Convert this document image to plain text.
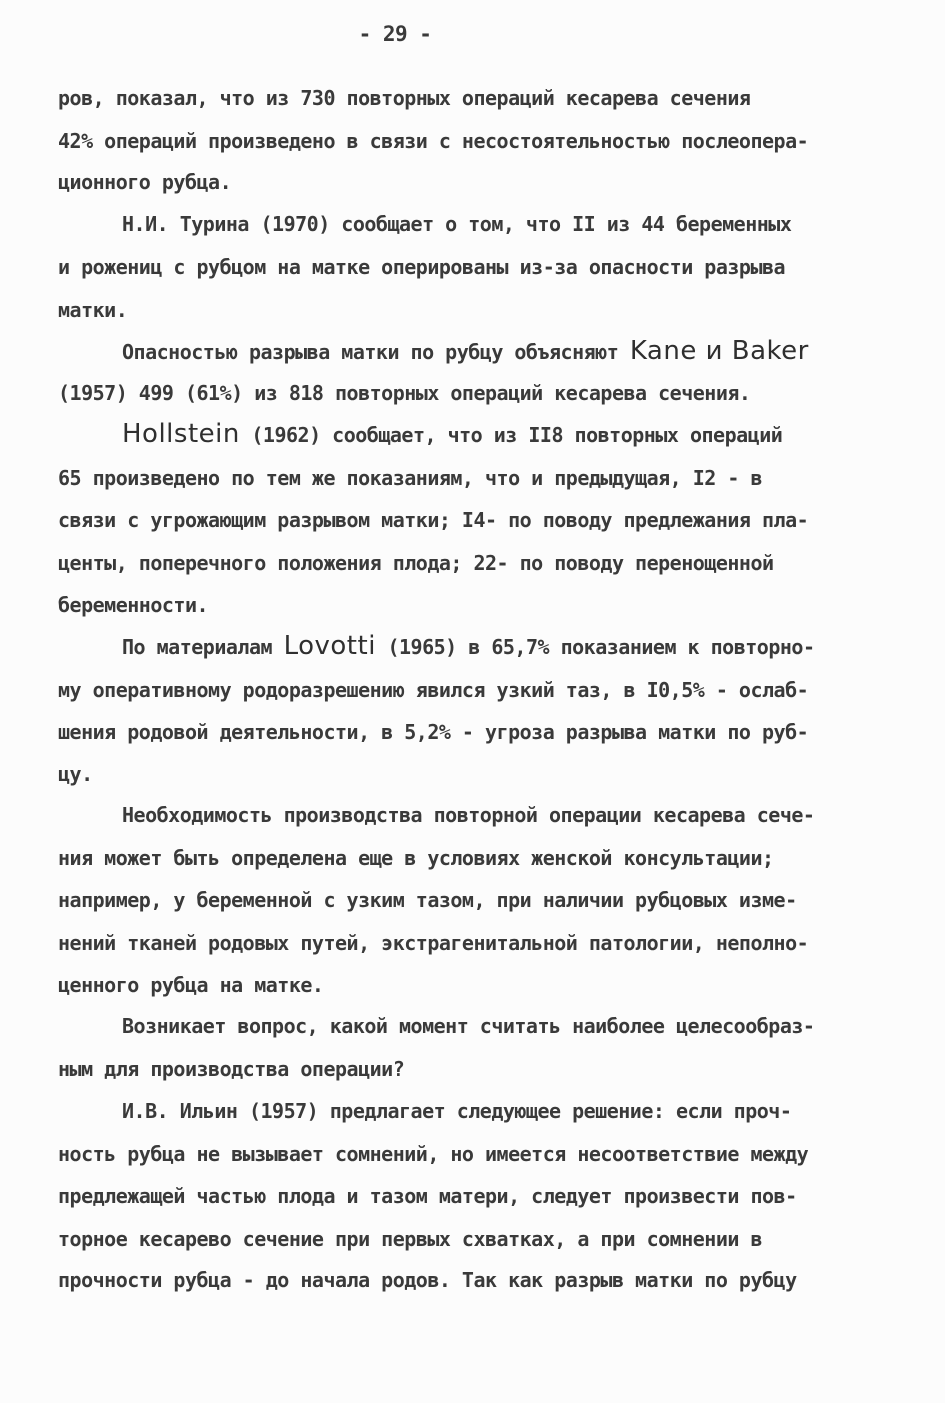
- 29 -
ров, показал, что из 730 повторных операций кесарева сечения
42% операций произведено в связи с несостоятельностью послеопера-
ционного рубца.
Н.И. Турина (1970) сообщает о том, что II из 44 беременных
и рожениц с рубцом на матке оперированы из-за опасности разрыва
матки.
Опасностью разрыва матки по рубцу объясняют Kane и Baker
(1957) 499 (61%) из 818 повторных операций кесарева сечения.
Hollstein (1962) сообщает, что из II8 повторных операций
65 произведено по тем же показаниям, что и предыдущая, I2 - в
связи с угрожающим разрывом матки; I4- по поводу предлежания пла-
центы, поперечного положения плода; 22- по поводу перенощенной
беременности.
По материалам Lovotti (1965) в 65,7% показанием к повторно-
му оперативному родоразрешению явился узкий таз, в I0,5% - ослаб-
шения родовой деятельности, в 5,2% - угроза разрыва матки по руб-
цу.
Необходимость производства повторной операции кесарева сече-
ния может быть определена еще в условиях женской консультации;
например, у беременной с узким тазом, при наличии рубцовых изме-
нений тканей родовых путей, экстрагенитальной патологии, неполно-
ценного рубца на матке.
Возникает вопрос, какой момент считать наиболее целесообраз-
ным для производства операции?
И.В. Ильин (1957) предлагает следующее решение: если проч-
ность рубца не вызывает сомнений, но имеется несоответствие между
предлежащей частью плода и тазом матери, следует произвести пов-
торное кесарево сечение при первых схватках, а при сомнении в
прочности рубца - до начала родов. Так как разрыв матки по рубцу
